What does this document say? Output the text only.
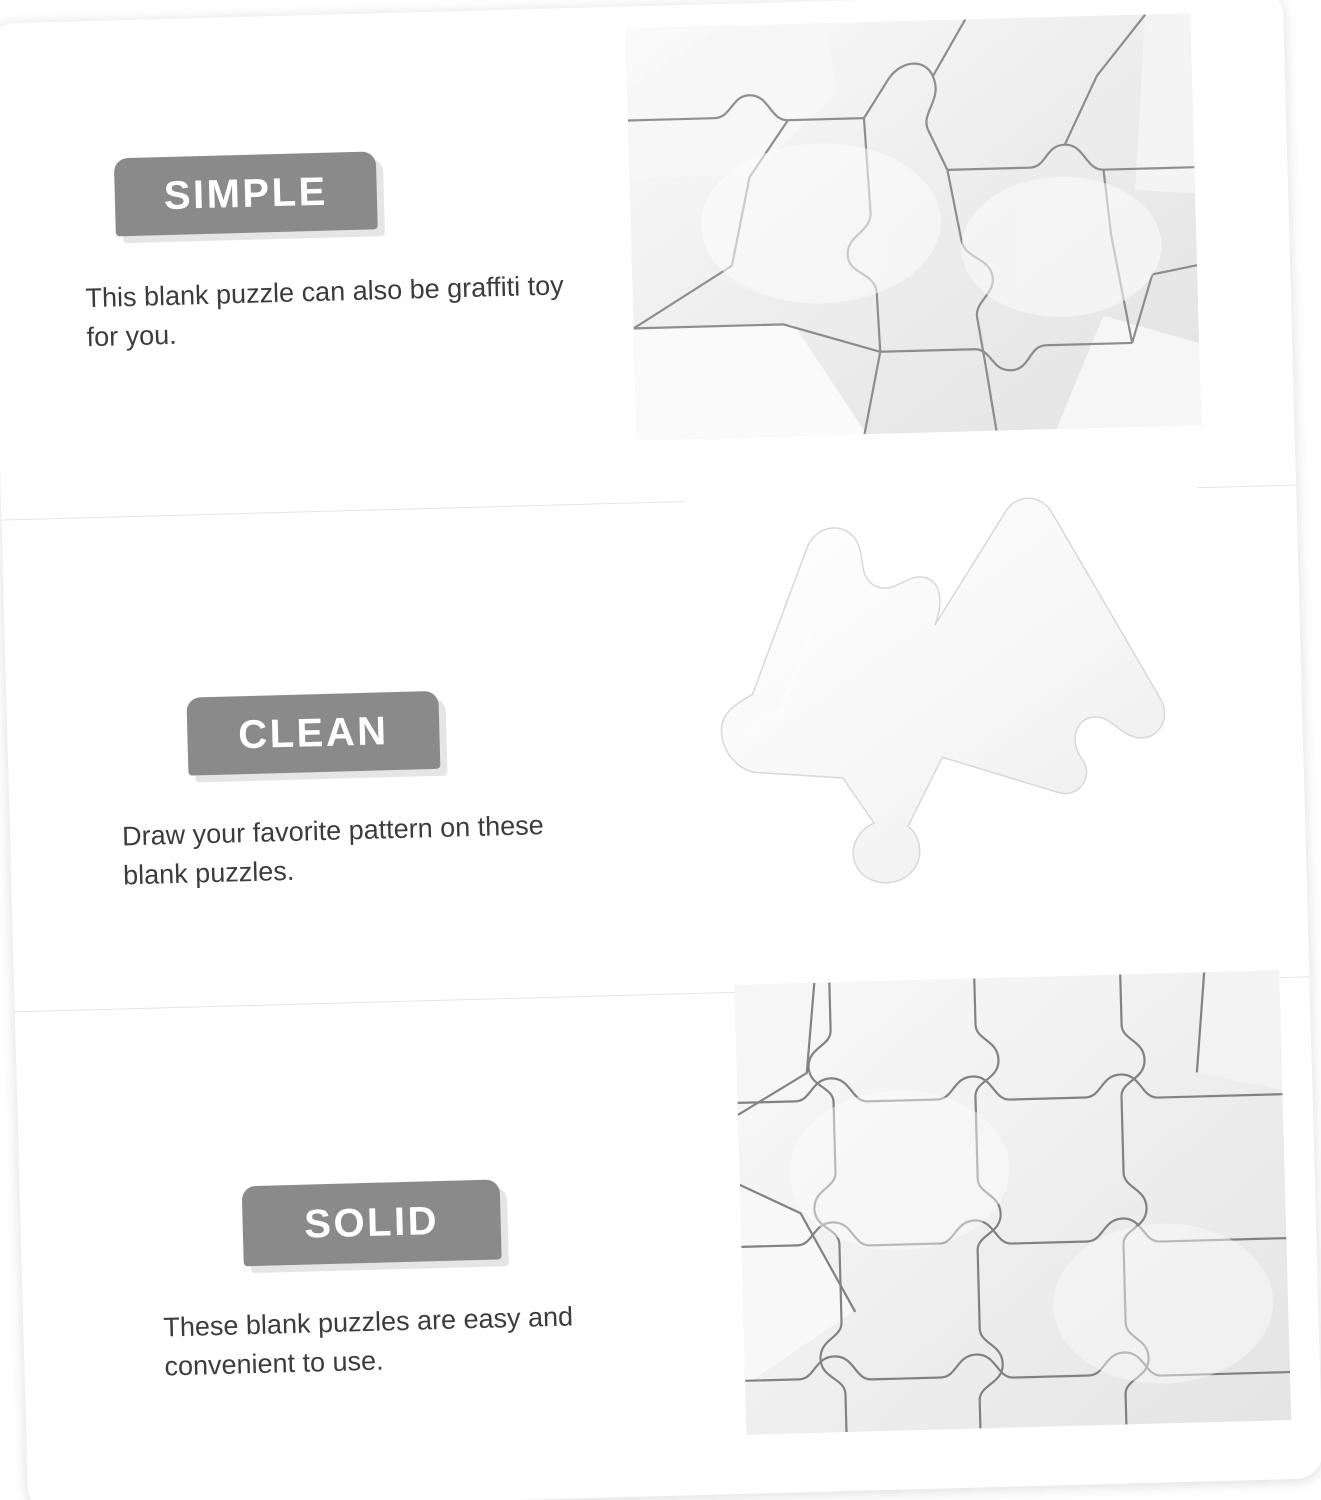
SIMPLE
This blank puzzle can also be graffiti toy for you.
CLEAN
Draw your favorite pattern on these blank puzzles.
SOLID
These blank puzzles are easy and convenient to use.
